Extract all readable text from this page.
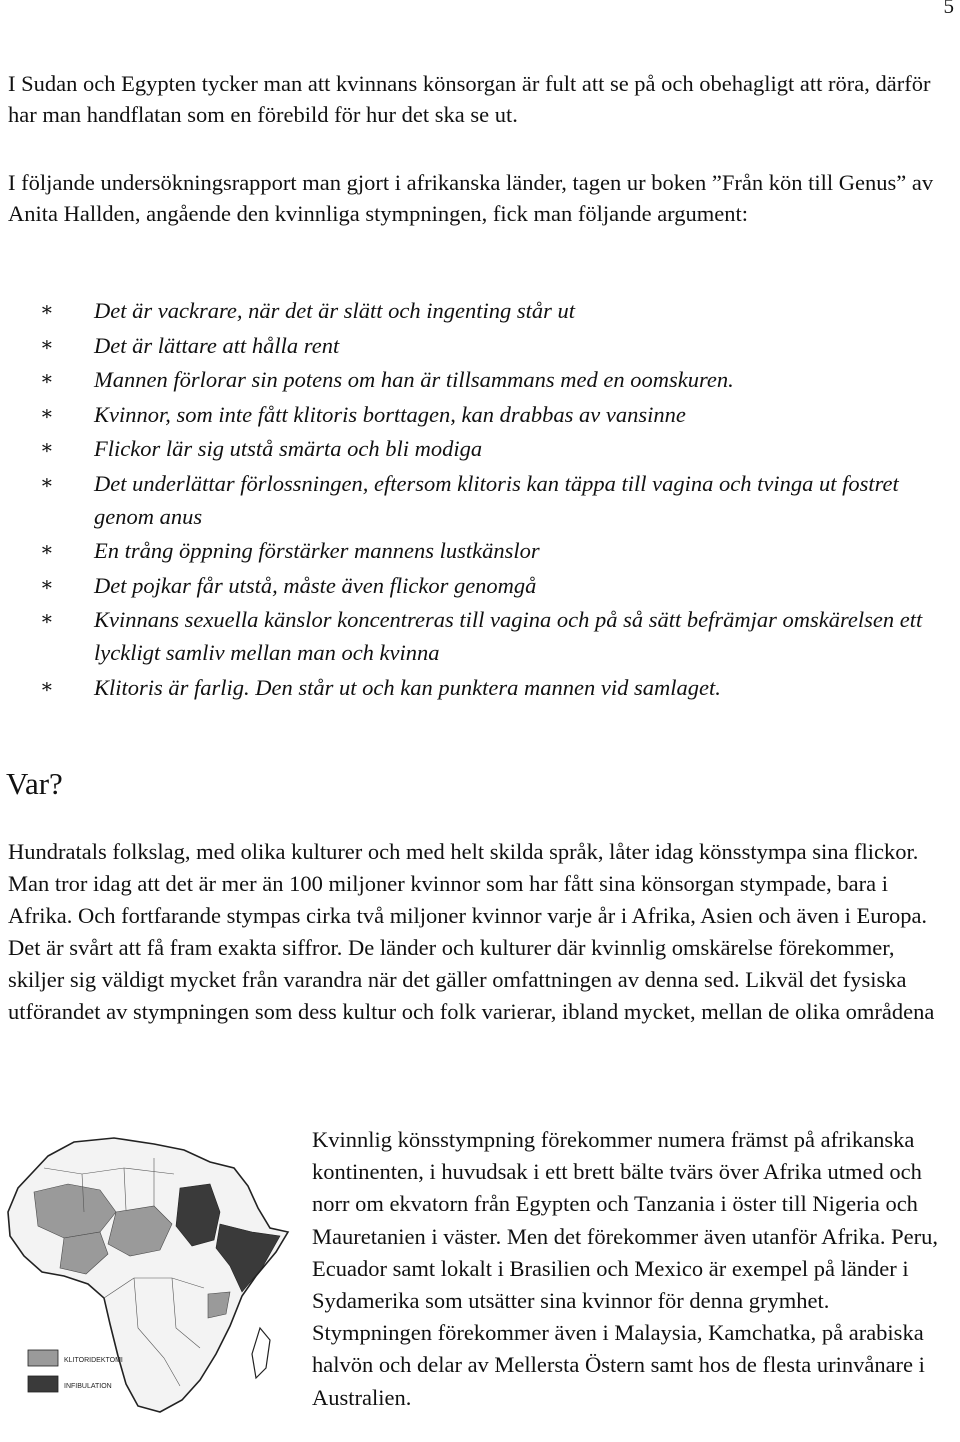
5

I Sudan och Egypten tycker man att kvinnans könsorgan är fult att se på och obehagligt att röra, därför har man handflatan som en förebild för hur det ska se ut.

I följande undersökningsrapport man gjort i afrikanska länder, tagen ur boken ”Från kön till Genus” av Anita Hallden, angående den kvinnliga stympningen, fick man följande argument:

∗ Det är vackrare, när det är slätt och ingenting står ut
∗ Det är lättare att hålla rent
∗ Mannen förlorar sin potens om han är tillsammans med en oomskuren.
∗ Kvinnor, som inte fått klitoris borttagen, kan drabbas av vansinne
∗ Flickor lär sig utstå smärta och bli modiga
∗ Det underlättar förlossningen, eftersom klitoris kan täppa till vagina och tvinga ut fostret genom anus
∗ En trång öppning förstärker mannens lustkänslor
∗ Det pojkar får utstå, måste även flickor genomgå
∗ Kvinnans sexuella känslor koncentreras till vagina och på så sätt befrämjar omskärelsen ett lyckligt samliv mellan man och kvinna
∗ Klitoris är farlig. Den står ut och kan punktera mannen vid samlaget.
Var?

Hundratals folkslag, med olika kulturer och med helt skilda språk, låter idag könsstympa sina flickor. Man tror idag att det är mer än 100 miljoner kvinnor som har fått sina könsorgan stympade, bara i Afrika. Och fortfarande stympas cirka två miljoner kvinnor varje år i Afrika, Asien och även i Europa. Det är svårt att få fram exakta siffror. De länder och kulturer där kvinnlig omskärelse förekommer, skiljer sig väldigt mycket från varandra när det gäller omfattningen av denna sed. Likväl det fysiska utförandet av stympningen som dess kultur och folk varierar, ibland mycket, mellan de olika områdena

KLITORIDEKTOMI
INFIBULATION

Kvinnlig könsstympning förekommer numera främst på afrikanska kontinenten, i huvudsak i ett brett bälte tvärs över Afrika utmed och norr om ekvatorn från Egypten och Tanzania i öster till Nigeria och Mauretanien i väster. Men det förekommer även utanför Afrika. Peru, Ecuador samt lokalt i Brasilien och Mexico är exempel på länder i Sydamerika som utsätter sina kvinnor för denna grymhet. Stympningen förekommer även i Malaysia, Kamchatka, på arabiska halvön och delar av Mellersta Östern samt hos de flesta urinvånare i Australien.
